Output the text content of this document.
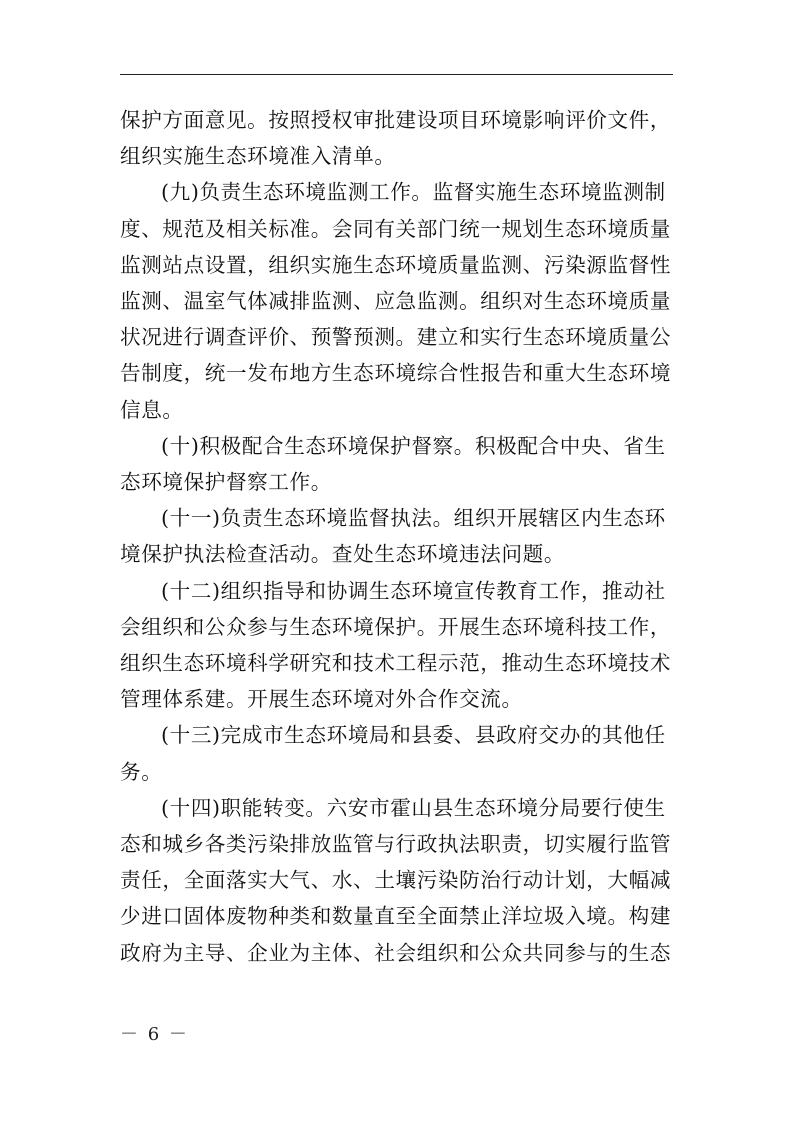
保护方面意见。按照授权审批建设项目环境影响评价文件，
组织实施生态环境准入清单。

(九)负责生态环境监测工作。监督实施生态环境监测制
度、规范及相关标准。会同有关部门统一规划生态环境质量
监测站点设置，组织实施生态环境质量监测、污染源监督性
监测、温室气体减排监测、应急监测。组织对生态环境质量
状况进行调查评价、预警预测。建立和实行生态环境质量公
告制度，统一发布地方生态环境综合性报告和重大生态环境
信息。

(十)积极配合生态环境保护督察。积极配合中央、省生
态环境保护督察工作。

(十一)负责生态环境监督执法。组织开展辖区内生态环
境保护执法检查活动。查处生态环境违法问题。

(十二)组织指导和协调生态环境宣传教育工作，推动社
会组织和公众参与生态环境保护。开展生态环境科技工作，
组织生态环境科学研究和技术工程示范，推动生态环境技术
管理体系建。开展生态环境对外合作交流。

(十三)完成市生态环境局和县委、县政府交办的其他任
务。

(十四)职能转变。六安市霍山县生态环境分局要行使生
态和城乡各类污染排放监管与行政执法职责，切实履行监管
责任，全面落实大气、水、土壤污染防治行动计划，大幅减
少进口固体废物种类和数量直至全面禁止洋垃圾入境。构建
政府为主导、企业为主体、社会组织和公众共同参与的生态

－ 6 －
